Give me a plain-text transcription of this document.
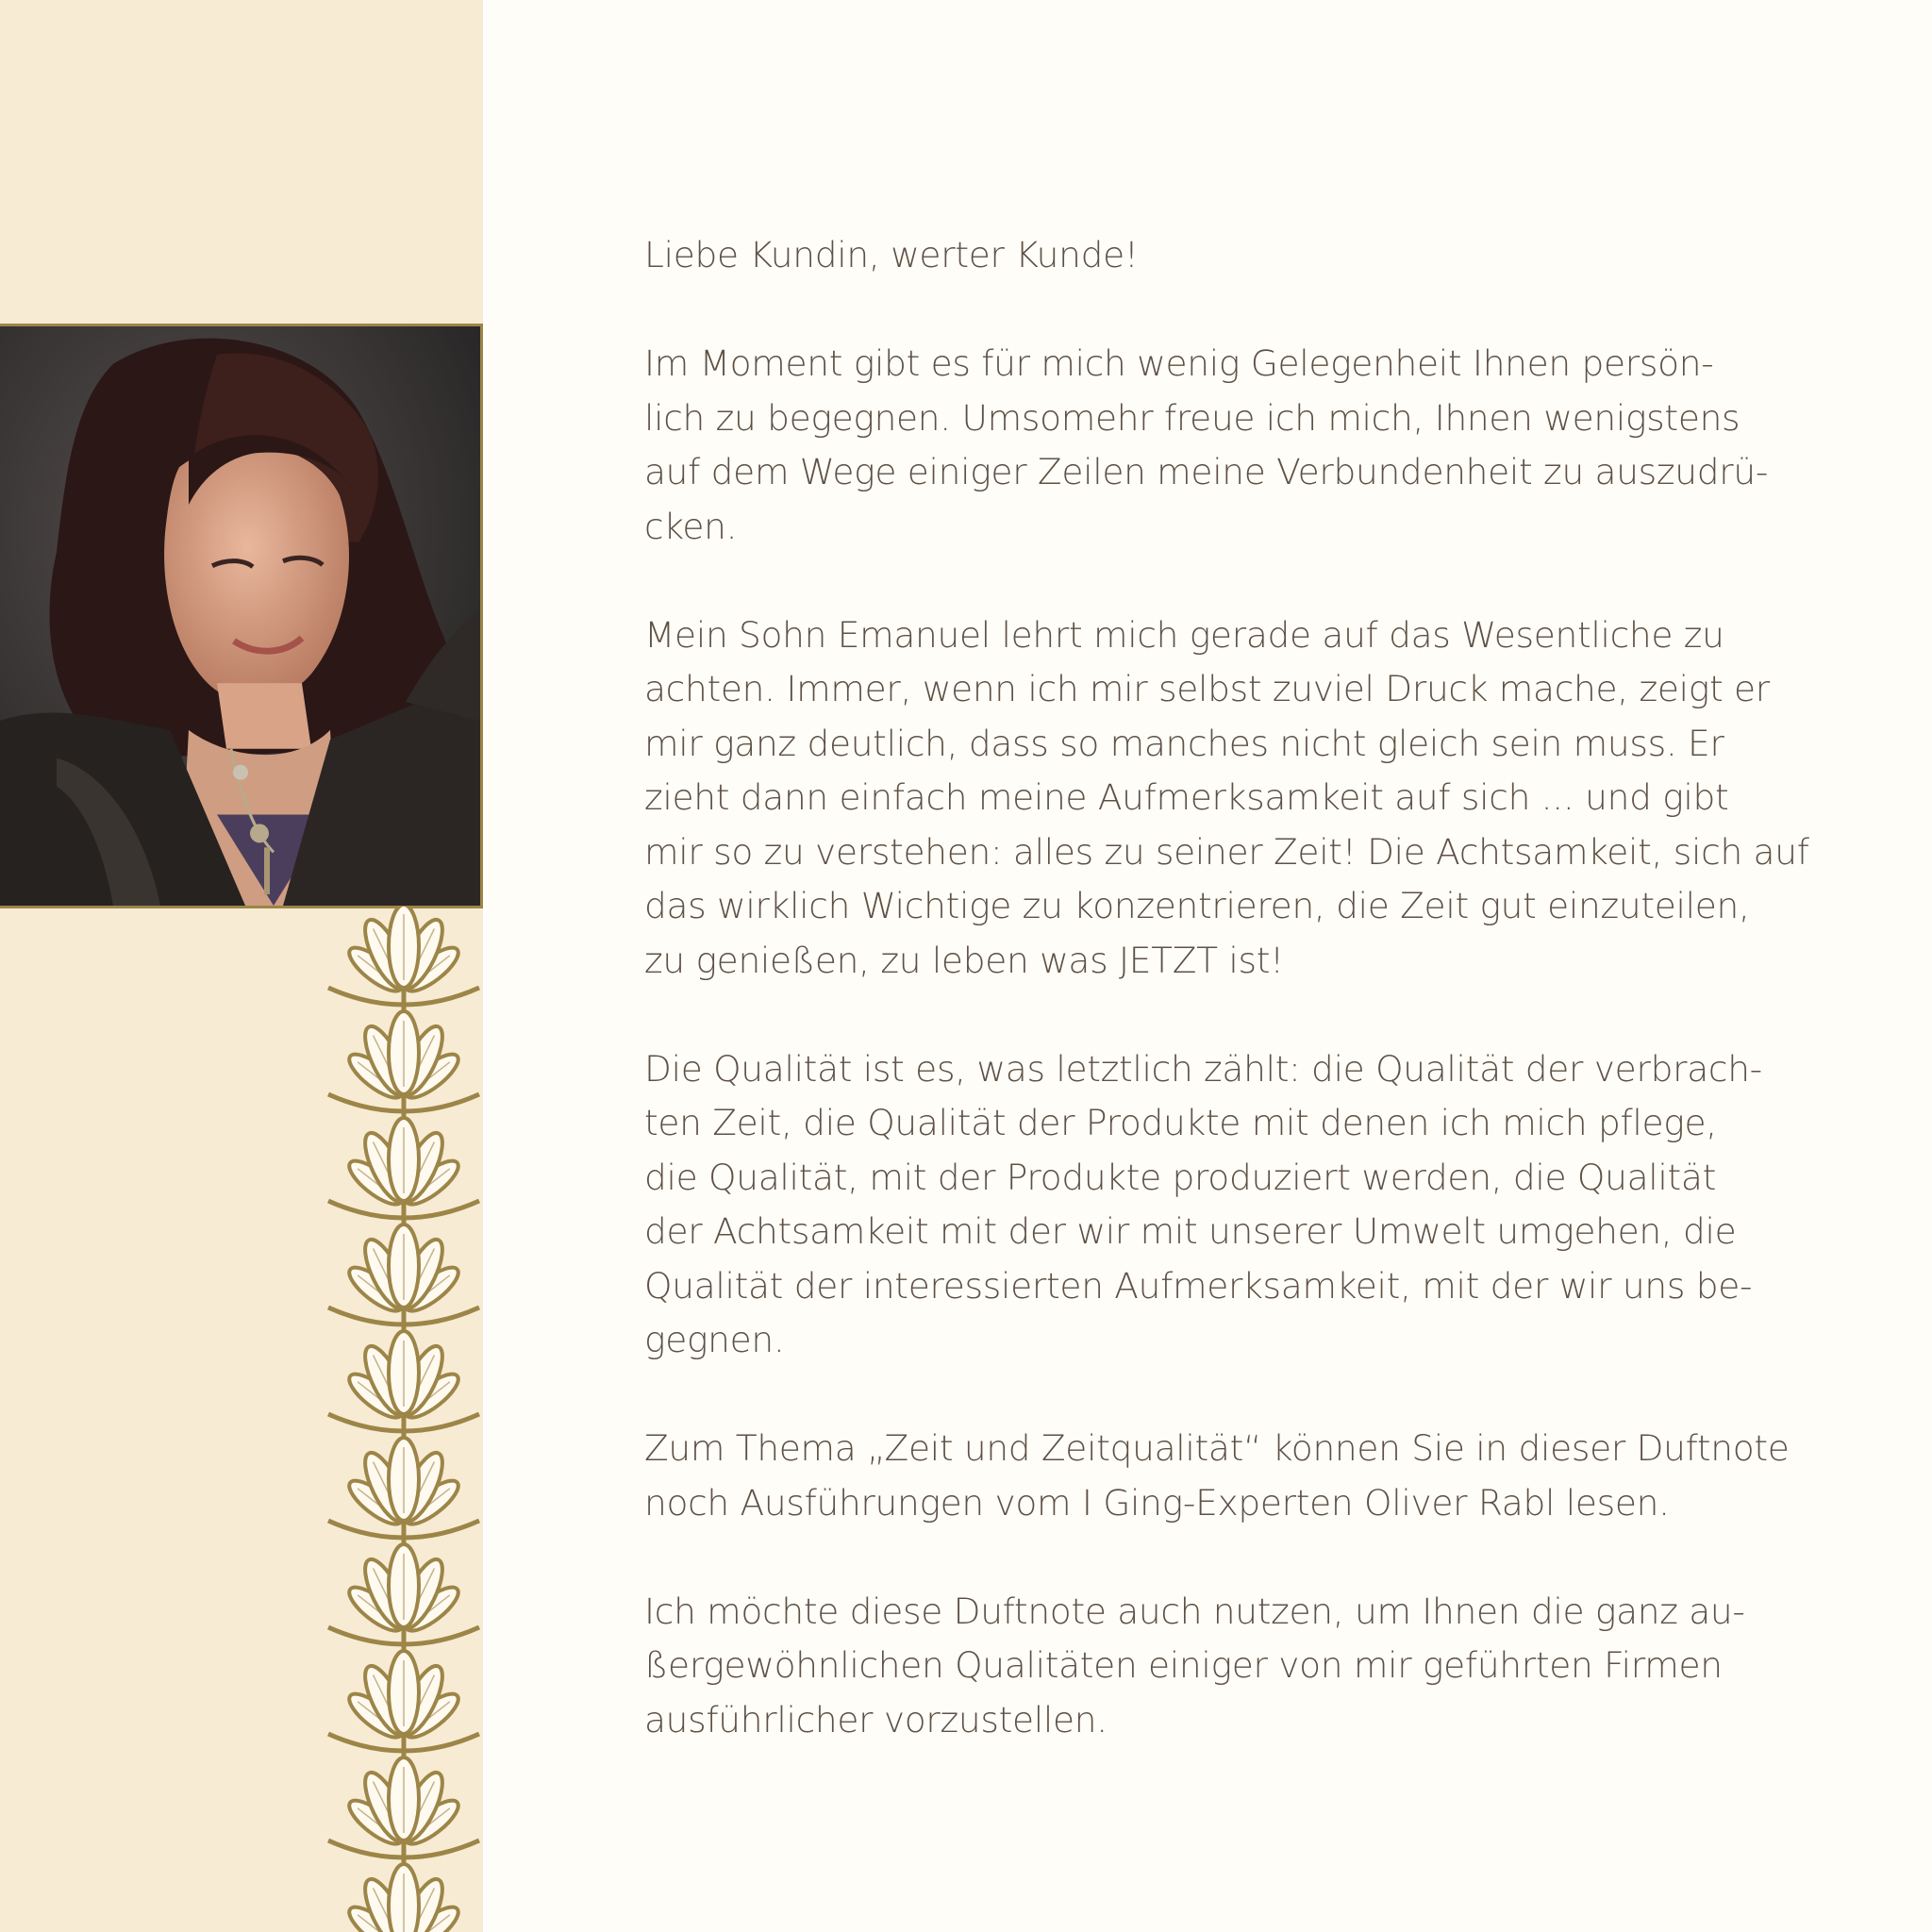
Liebe Kundin, werter Kunde!

Im Moment gibt es für mich wenig Gelegenheit Ihnen persön-
lich zu begegnen. Umsomehr freue ich mich, Ihnen wenigstens
auf dem Wege einiger Zeilen meine Verbundenheit zu auszudrü-
cken.

Mein Sohn Emanuel lehrt mich gerade auf das Wesentliche zu
achten. Immer, wenn ich mir selbst zuviel Druck mache, zeigt er
mir ganz deutlich, dass so manches nicht gleich sein muss. Er
zieht dann einfach meine Aufmerksamkeit auf sich ... und gibt
mir so zu verstehen: alles zu seiner Zeit! Die Achtsamkeit, sich auf
das wirklich Wichtige zu konzentrieren, die Zeit gut einzuteilen,
zu genießen, zu leben was JETZT ist!

Die Qualität ist es, was letztlich zählt: die Qualität der verbrach-
ten Zeit, die Qualität der Produkte mit denen ich mich pflege,
die Qualität, mit der Produkte produziert werden, die Qualität
der Achtsamkeit mit der wir mit unserer Umwelt umgehen, die
Qualität der interessierten Aufmerksamkeit, mit der wir uns be-
gegnen.

Zum Thema „Zeit und Zeitqualität“ können Sie in dieser Duftnote
noch Ausführungen vom I Ging-Experten Oliver Rabl lesen.

Ich möchte diese Duftnote auch nutzen, um Ihnen die ganz au-
ßergewöhnlichen Qualitäten einiger von mir geführten Firmen
ausführlicher vorzustellen.
